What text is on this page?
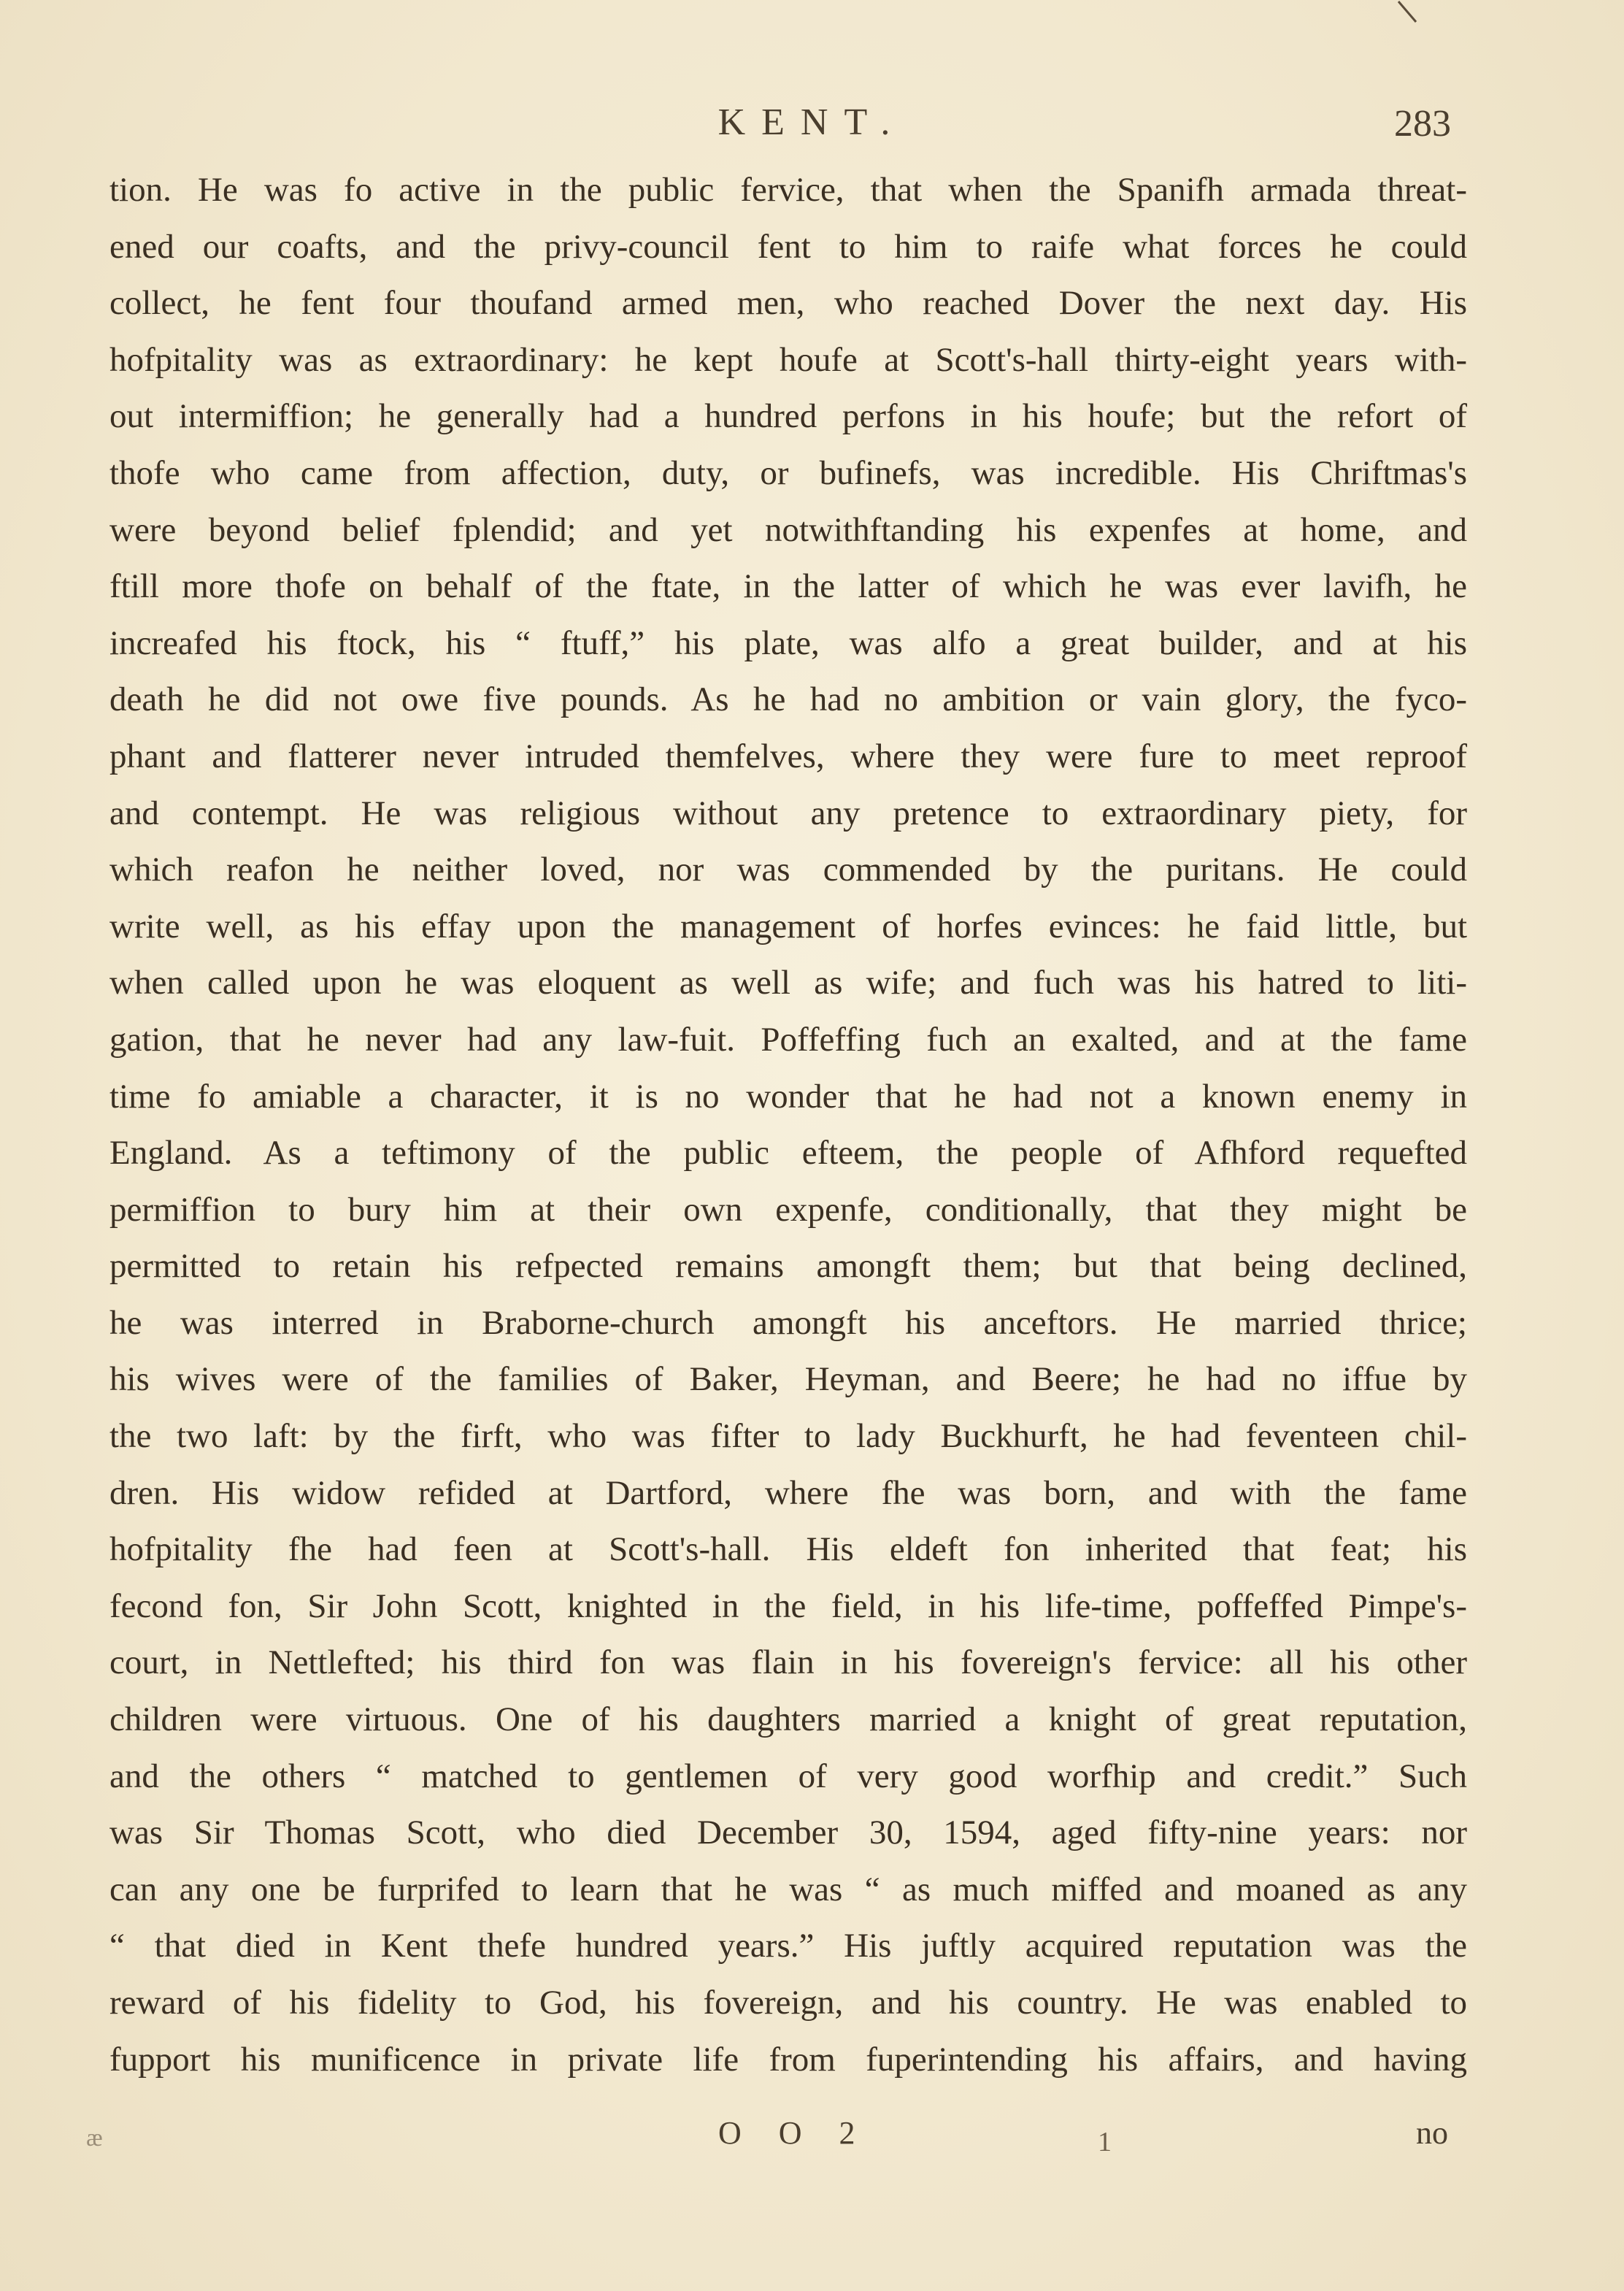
KENT.	283
tion. He was fo active in the public fervice, that when the Spanifh armada threat-
ened our coafts, and the privy-council fent to him to raife what forces he could
collect, he fent four thoufand armed men, who reached Dover the next day. His
hofpitality was as extraordinary: he kept houfe at Scott's-hall thirty-eight years with-
out intermiffion; he generally had a hundred perfons in his houfe; but the refort of
thofe who came from affection, duty, or bufinefs, was incredible. His Chriftmas's
were beyond belief fplendid; and yet notwithftanding his expenfes at home, and
ftill more thofe on behalf of the ftate, in the latter of which he was ever lavifh, he
increafed his ftock, his “ ftuff,” his plate, was alfo a great builder, and at his
death he did not owe five pounds. As he had no ambition or vain glory, the fyco-
phant and flatterer never intruded themfelves, where they were fure to meet reproof
and contempt. He was religious without any pretence to extraordinary piety, for
which reafon he neither loved, nor was commended by the puritans. He could
write well, as his effay upon the management of horfes evinces: he faid little, but
when called upon he was eloquent as well as wife; and fuch was his hatred to liti-
gation, that he never had any law-fuit. Poffeffing fuch an exalted, and at the fame
time fo amiable a character, it is no wonder that he had not a known enemy in
England. As a teftimony of the public efteem, the people of Afhford requefted
permiffion to bury him at their own expenfe, conditionally, that they might be
permitted to retain his refpected remains amongft them; but that being declined,
he was interred in Braborne-church amongft his anceftors. He married thrice;
his wives were of the families of Baker, Heyman, and Beere; he had no iffue by
the two laft: by the firft, who was fifter to lady Buckhurft, he had feventeen chil-
dren. His widow refided at Dartford, where fhe was born, and with the fame
hofpitality fhe had feen at Scott's-hall. His eldeft fon inherited that feat; his
fecond fon, Sir John Scott, knighted in the field, in his life-time, poffeffed Pimpe's-
court, in Nettlefted; his third fon was flain in his fovereign's fervice: all his other
children were virtuous. One of his daughters married a knight of great reputation,
and the others “ matched to gentlemen of very good worfhip and credit.” Such
was Sir Thomas Scott, who died December 30, 1594, aged fifty-nine years: nor
can any one be furprifed to learn that he was “ as much miffed and moaned as any
“ that died in Kent thefe hundred years.” His juftly acquired reputation was the
reward of his fidelity to God, his fovereign, and his country. He was enabled to
fupport his munificence in private life from fuperintending his affairs, and having
æ	1
O O 2	no
